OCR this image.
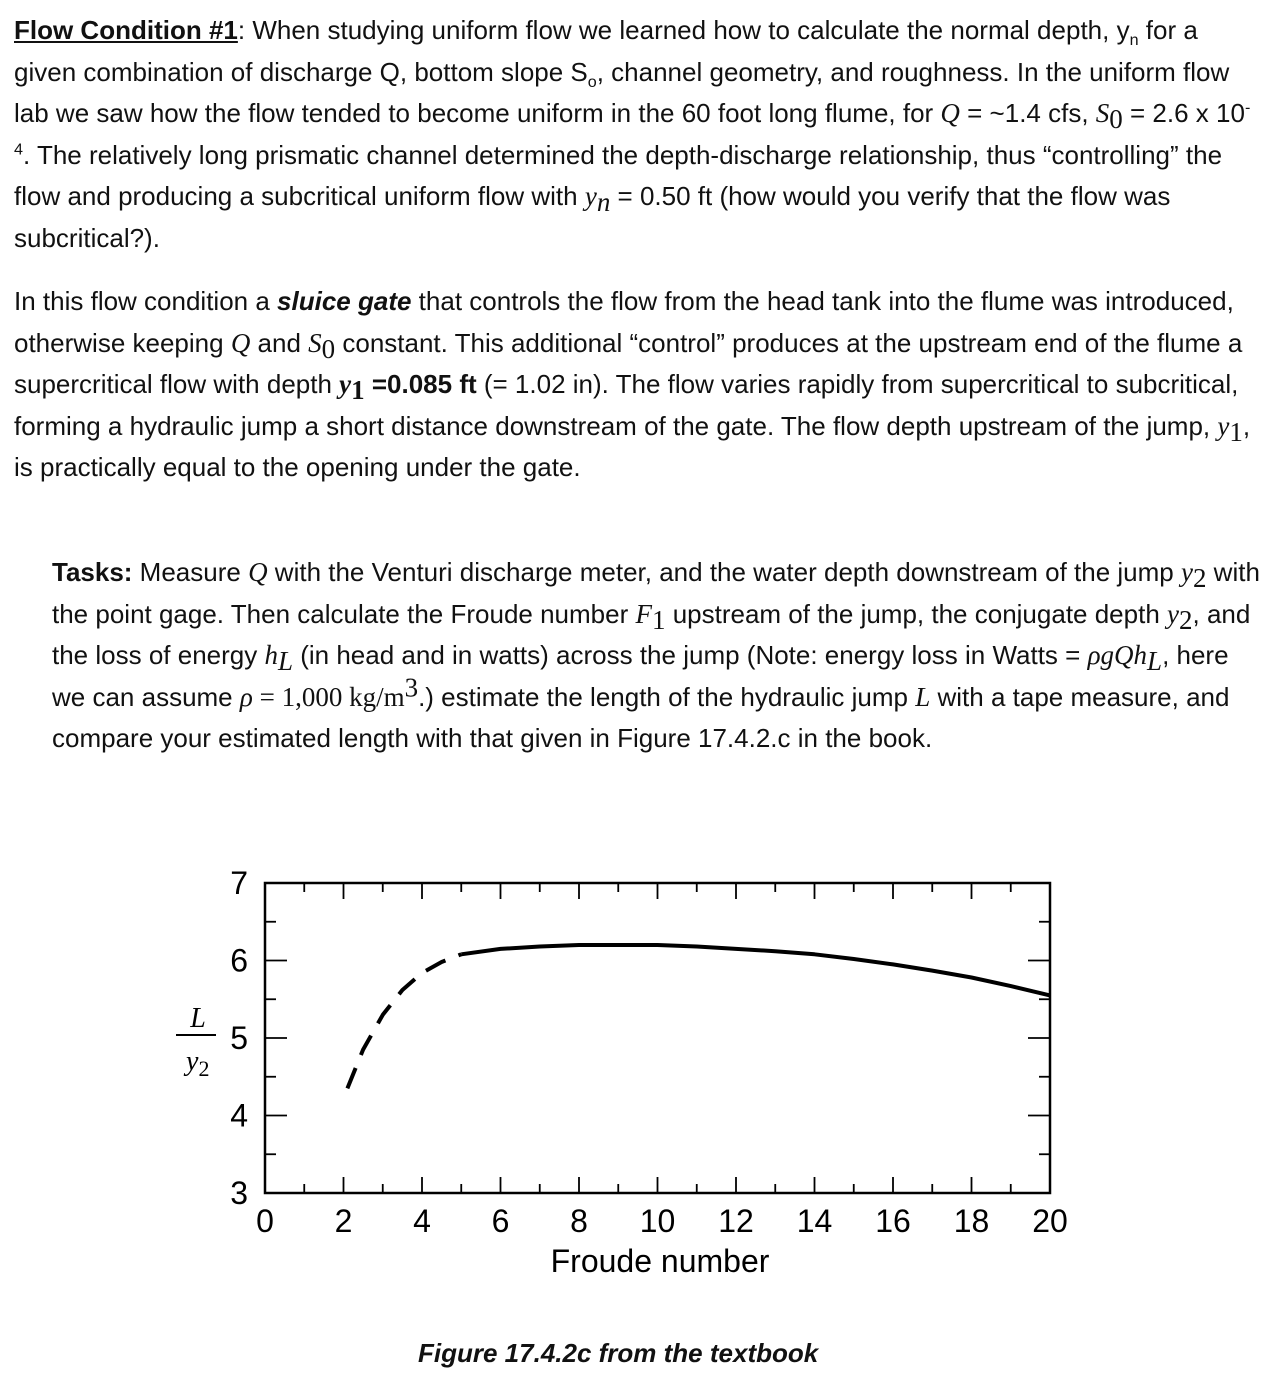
Flow Condition #1: When studying uniform flow we learned how to calculate the normal depth, $y_n$ for a given combination of discharge Q, bottom slope $S_o$, channel geometry, and roughness. In the uniform flow lab we saw how the flow tended to become uniform in the 60 foot long flume, for Q = ~1.4 cfs, $S_0 = 2.6$ x $10^{-4}$. The relatively long prismatic channel determined the depth-discharge relationship, thus “controlling” the flow and producing a subcritical uniform flow with $y_n = 0.50$ ft (how would you verify that the flow was subcritical?).
In this flow condition a sluice gate that controls the flow from the head tank into the flume was introduced, otherwise keeping Q and $S_0$ constant. This additional “control” produces at the upstream end of the flume a supercritical flow with depth $y_1 =0.085$ ft (= 1.02 in). The flow varies rapidly from supercritical to subcritical, forming a hydraulic jump a short distance downstream of the gate. The flow depth upstream of the jump, $y_1$, is practically equal to the opening under the gate.
Tasks: Measure Q with the Venturi discharge meter, and the water depth downstream of the jump $y_2$ with the point gage. Then calculate the Froude number $F_1$ upstream of the jump, the conjugate depth $y_2$, and the loss of energy $h_L$ (in head and in watts) across the jump (Note: energy loss in Watts = ρgQh$_L$, here we can assume ρ = 1,000 $kg/m^3$.) estimate the length of the hydraulic jump L with a tape measure, and compare your estimated length with that given in Figure 17.4.2.c in the book.
0 2 4 6 8 10 12 14 16 18 20
3
4
5
6
7
Froude number
L
$y_2$
Figure 17.4.2c from the textbook
